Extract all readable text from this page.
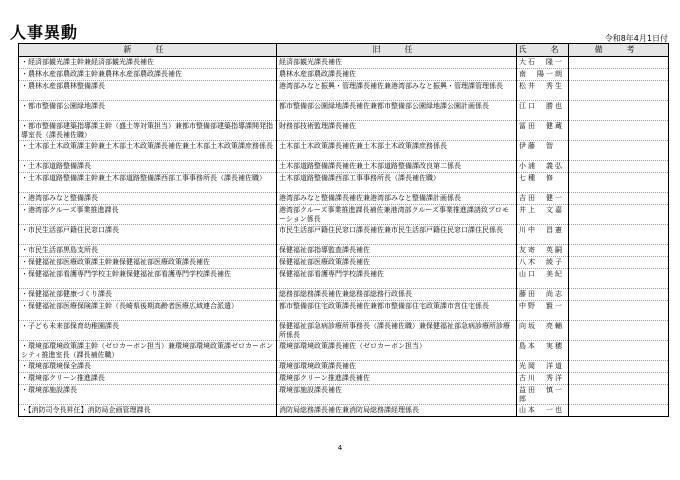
人事異動	令和8年4月1日付
新　任	旧　任	氏　名	備　考
・経済部観光課主幹兼経済部観光課長補佐	経済部観光課長補佐	大石　隆一	
・農林水産部農政課主幹兼農林水産部農政課長補佐	農林水産部農政課長補佐	南　陽一朗	
・農林水産部農林整備課長	港湾部みなと振興・管理課長補佐兼港湾部みなと振興・管理課管理係長	松井　秀生	
・都市整備部公園緑地課長	都市整備部公園緑地課長補佐兼都市整備部公園緑地課公園計画係長	江口　勝也	
・都市整備部建築指導課主幹（盛土等対策担当）兼都市整備部建築指導課開発指導室長（課長補佐職）	財務部技術監理課長補佐	冨田　健蔵	
・土木部土木政策課主幹兼土木部土木政策課長補佐兼土木部土木政策課庶務係長	土木部土木政策課長補佐兼土木部土木政策課庶務係長	伊藤　智	
・土木部道路整備課長	土木部道路整備課長補佐兼土木部道路整備課改良第二係長	小浦　義弘	
・土木部道路整備課主幹兼土木部道路整備課西部工事事務所長（課長補佐職）	土木部道路整備課西部工事事務所長（課長補佐職）	七種　修	
・港湾部みなと整備課長	港湾部みなと整備課長補佐兼港湾部みなと整備課計画係長	吉田　健一	
・港湾部クルーズ事業推進課長	港湾部クルーズ事業推進課長補佐兼港湾部クルーズ事業推進課誘致プロモーション係長	井上　文嘉	
・市民生活部戸籍住民窓口課長	市民生活部戸籍住民窓口課長補佐兼市民生活部戸籍住民窓口課住民係長	川中　昌憲	
・市民生活部黒島支所長	保健福祉部指導監査課長補佐	友寄　英嗣	
・保健福祉部医療政策課主幹兼保健福祉部医療政策課長補佐	保健福祉部医療政策課長補佐	八木　綾子	
・保健福祉部看護専門学校主幹兼保健福祉部看護専門学校課長補佐	保健福祉部看護専門学校課長補佐	山口　美紀	
・保健福祉部健康づくり課長	総務部総務課長補佐兼総務部総務行政係長	藤田　尚志	
・保健福祉部医療保険課主幹（長崎県後期高齢者医療広域連合派遣）	都市整備部住宅政策課長補佐兼都市整備部住宅政策課市営住宅係長	中野　賢一	
・子ども未来部保育幼稚園課長	保健福祉部急病診療所事務長（課長補佐職）兼保健福祉部急病診療所診療所係長	向坂　亮輔	
・環境部環境政策課主幹（ゼロカーボン担当）兼環境部環境政策課ゼロカーボンシティ推進室長（課長補佐職）	環境部環境政策課長補佐（ゼロカーボン担当）	島本　実穂	
・環境部環境保全課長	環境部環境政策課長補佐	光岡　洋道	
・環境部クリーン推進課長	環境部クリーン推進課長補佐	古川　秀洋	
・環境部施設課長	環境部施設課長補佐	益田　慎一郎	
・【消防司令長昇任】消防局企画管理課長	消防局総務課長補佐兼消防局総務課経理係長	山本　一也	
4
